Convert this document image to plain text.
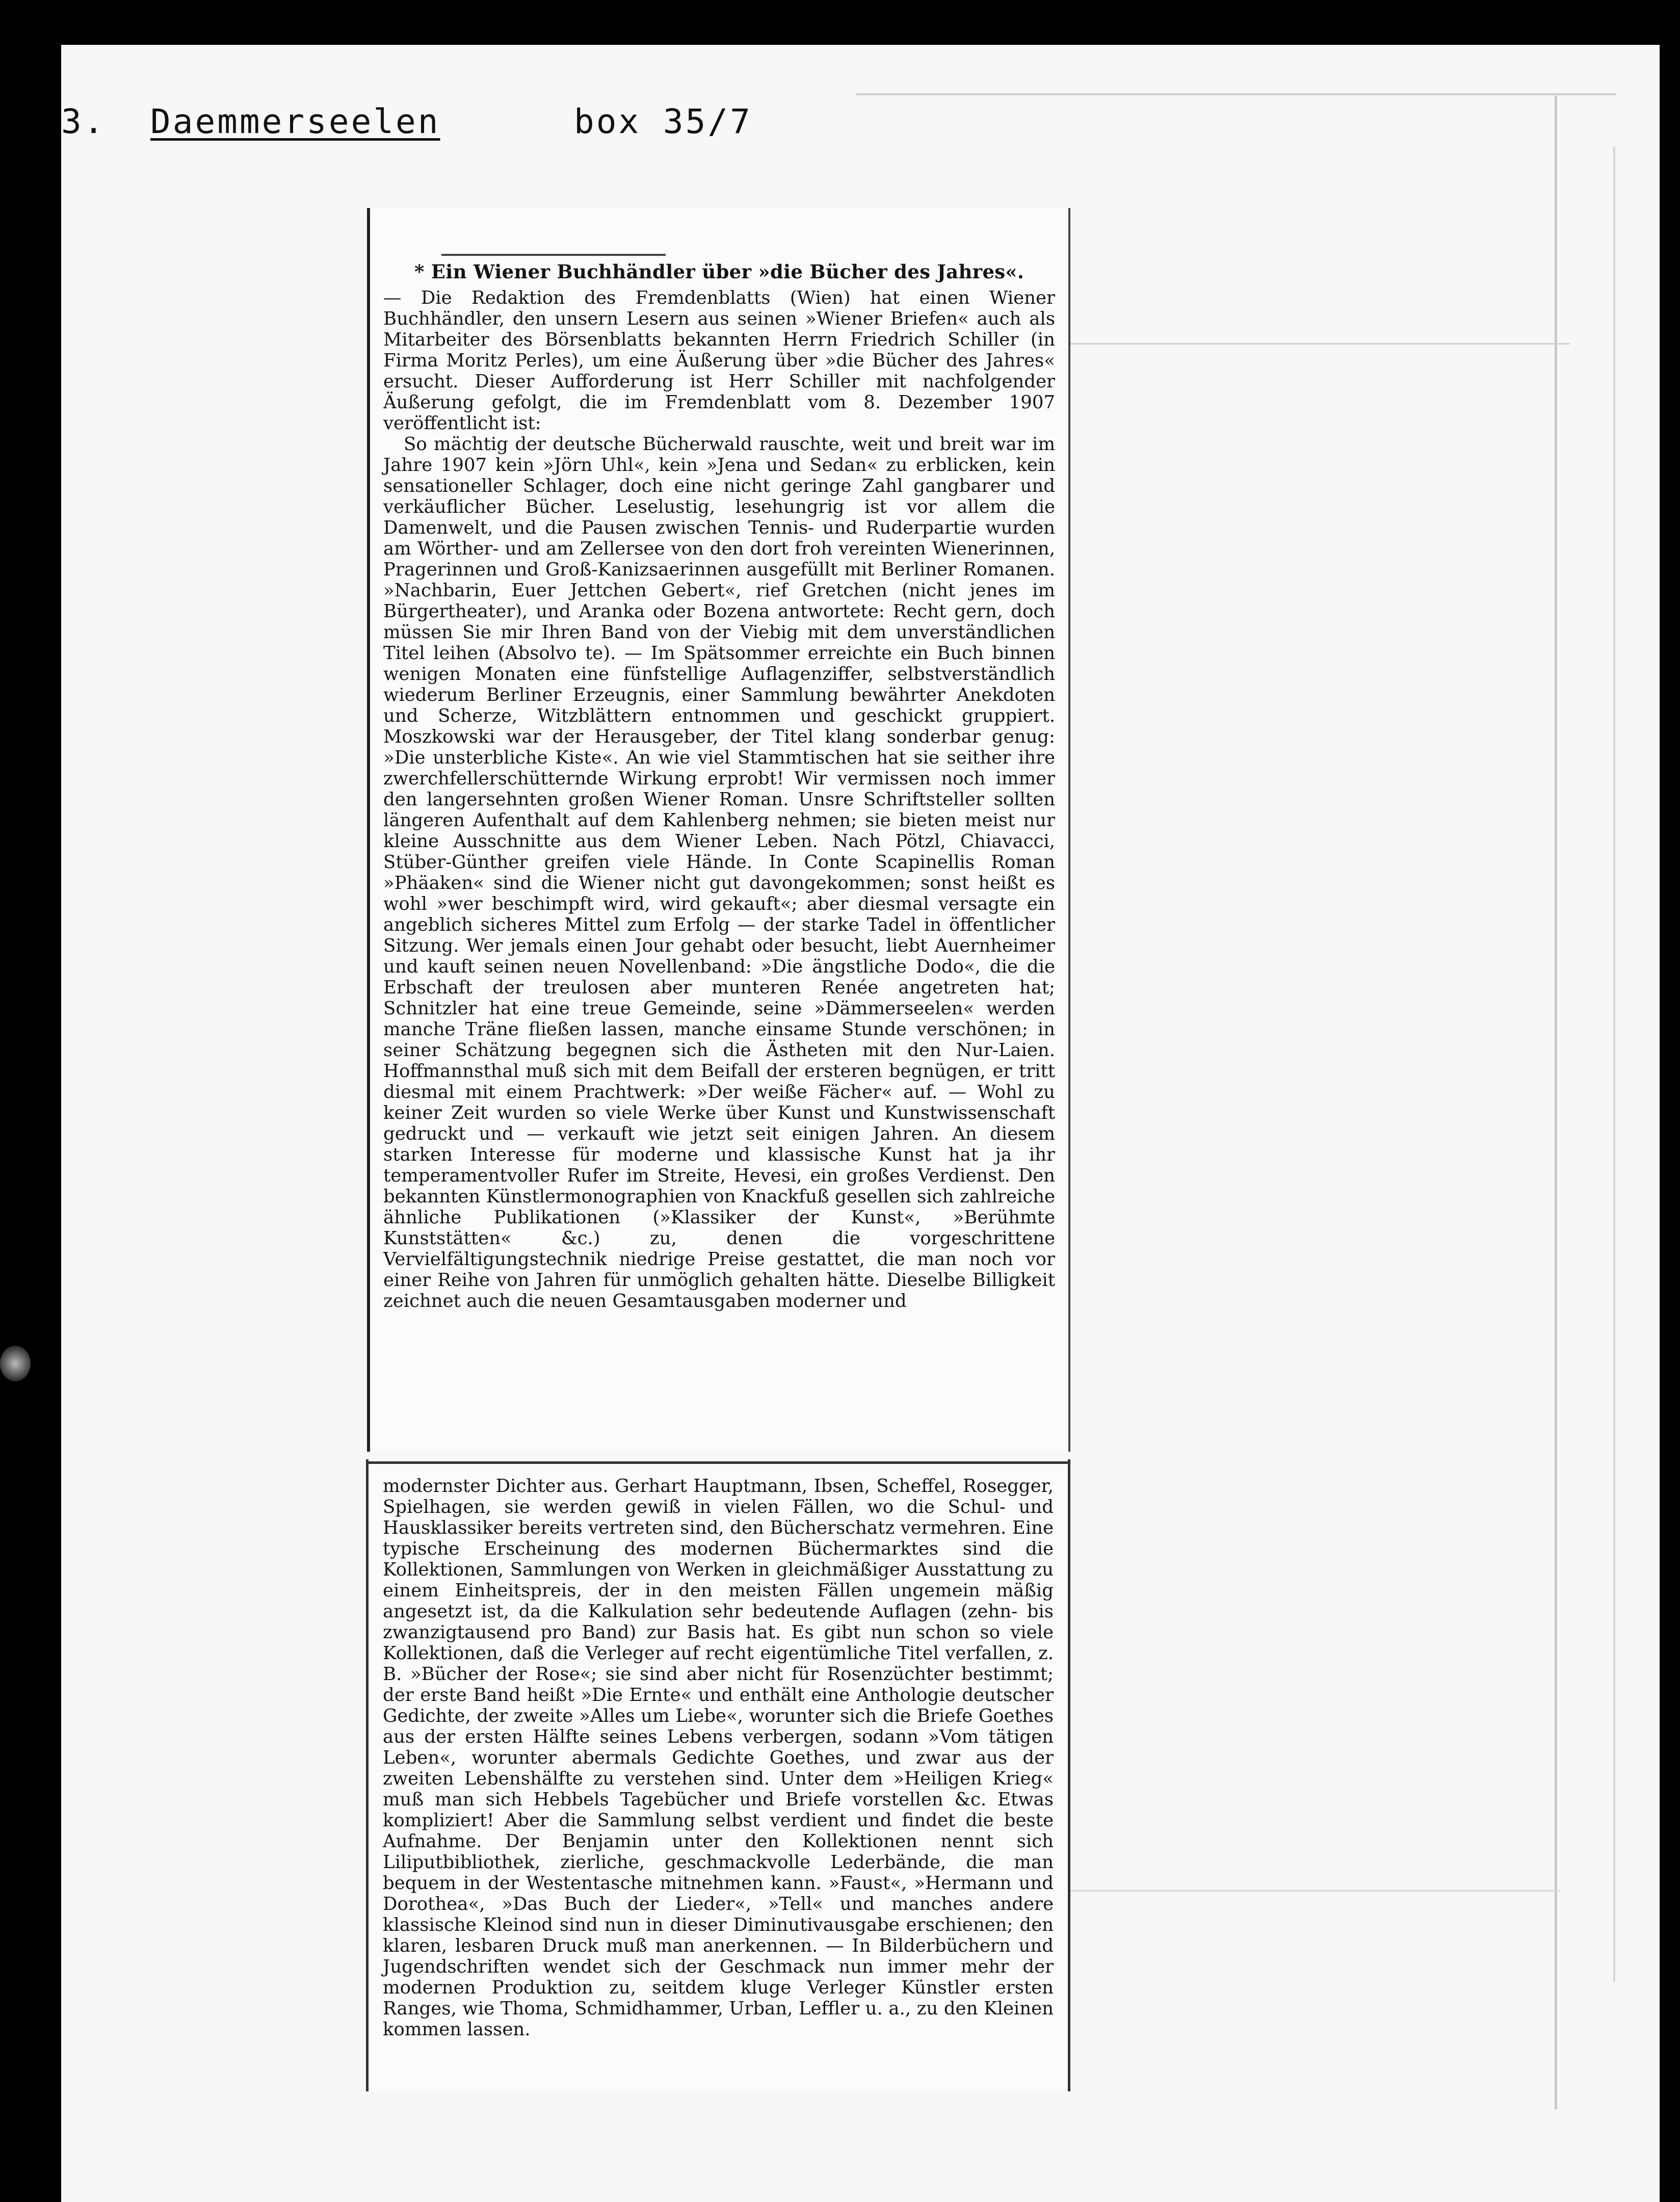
3. Daemmerseelen	box 35/7

* Ein Wiener Buchhändler über »die Bücher des Jahres«.

— Die Redaktion des Fremdenblatts (Wien) hat einen Wiener Buchhändler, den unsern Lesern aus seinen »Wiener Briefen« auch als Mitarbeiter des Börsenblatts bekannten Herrn Friedrich Schiller (in Firma Moritz Perles), um eine Äußerung über »die Bücher des Jahres« ersucht. Dieser Aufforderung ist Herr Schiller mit nachfolgender Äußerung gefolgt, die im Fremdenblatt vom 8. Dezember 1907 veröffentlicht ist:

So mächtig der deutsche Bücherwald rauschte, weit und breit war im Jahre 1907 kein »Jörn Uhl«, kein »Jena und Sedan« zu erblicken, kein sensationeller Schlager, doch eine nicht geringe Zahl gangbarer und verkäuflicher Bücher. Leselustig, lesehungrig ist vor allem die Damenwelt, und die Pausen zwischen Tennis- und Ruderpartie wurden am Wörther- und am Zellersee von den dort froh vereinten Wienerinnen, Pragerinnen und Groß-Kanizsaerinnen ausgefüllt mit Berliner Romanen. »Nachbarin, Euer Jettchen Gebert«, rief Gretchen (nicht jenes im Bürgertheater), und Aranka oder Bozena antwortete: Recht gern, doch müssen Sie mir Ihren Band von der Viebig mit dem unverständlichen Titel leihen (Absolvo te). — Im Spätsommer erreichte ein Buch binnen wenigen Monaten eine fünfstellige Auflagenziffer, selbstverständlich wiederum Berliner Erzeugnis, einer Sammlung bewährter Anekdoten und Scherze, Witzblättern entnommen und geschickt gruppiert. Moszkowski war der Herausgeber, der Titel klang sonderbar genug: »Die unsterbliche Kiste«. An wie viel Stammtischen hat sie seither ihre zwerchfellerschütternde Wirkung erprobt! Wir vermissen noch immer den langersehnten großen Wiener Roman. Unsre Schriftsteller sollten längeren Aufenthalt auf dem Kahlenberg nehmen; sie bieten meist nur kleine Ausschnitte aus dem Wiener Leben. Nach Pötzl, Chiavacci, Stüber-Günther greifen viele Hände. In Conte Scapinellis Roman »Phäaken« sind die Wiener nicht gut davongekommen; sonst heißt es wohl »wer beschimpft wird, wird gekauft«; aber diesmal versagte ein angeblich sicheres Mittel zum Erfolg — der starke Tadel in öffentlicher Sitzung. Wer jemals einen Jour gehabt oder besucht, liebt Auernheimer und kauft seinen neuen Novellenband: »Die ängstliche Dodo«, die die Erbschaft der treulosen aber munteren Renée angetreten hat; Schnitzler hat eine treue Gemeinde, seine »Dämmerseelen« werden manche Träne fließen lassen, manche einsame Stunde verschönen; in seiner Schätzung begegnen sich die Ästheten mit den Nur-Laien. Hoffmannsthal muß sich mit dem Beifall der ersteren begnügen, er tritt diesmal mit einem Prachtwerk: »Der weiße Fächer« auf. — Wohl zu keiner Zeit wurden so viele Werke über Kunst und Kunstwissenschaft gedruckt und — verkauft wie jetzt seit einigen Jahren. An diesem starken Interesse für moderne und klassische Kunst hat ja ihr temperamentvoller Rufer im Streite, Hevesi, ein großes Verdienst. Den bekannten Künstlermonographien von Knackfuß gesellen sich zahlreiche ähnliche Publikationen (»Klassiker der Kunst«, »Berühmte Kunststätten« &c.) zu, denen die vorgeschrittene Vervielfältigungstechnik niedrige Preise gestattet, die man noch vor einer Reihe von Jahren für unmöglich gehalten hätte. Dieselbe Billigkeit zeichnet auch die neuen Gesamtausgaben moderner und

modernster Dichter aus. Gerhart Hauptmann, Ibsen, Scheffel, Rosegger, Spielhagen, sie werden gewiß in vielen Fällen, wo die Schul- und Hausklassiker bereits vertreten sind, den Bücherschatz vermehren. Eine typische Erscheinung des modernen Büchermarktes sind die Kollektionen, Sammlungen von Werken in gleichmäßiger Ausstattung zu einem Einheitspreis, der in den meisten Fällen ungemein mäßig angesetzt ist, da die Kalkulation sehr bedeutende Auflagen (zehn- bis zwanzigtausend pro Band) zur Basis hat. Es gibt nun schon so viele Kollektionen, daß die Verleger auf recht eigentümliche Titel verfallen, z. B. »Bücher der Rose«; sie sind aber nicht für Rosenzüchter bestimmt; der erste Band heißt »Die Ernte« und enthält eine Anthologie deutscher Gedichte, der zweite »Alles um Liebe«, worunter sich die Briefe Goethes aus der ersten Hälfte seines Lebens verbergen, sodann »Vom tätigen Leben«, worunter abermals Gedichte Goethes, und zwar aus der zweiten Lebenshälfte zu verstehen sind. Unter dem »Heiligen Krieg« muß man sich Hebbels Tagebücher und Briefe vorstellen &c. Etwas kompliziert! Aber die Sammlung selbst verdient und findet die beste Aufnahme. Der Benjamin unter den Kollektionen nennt sich Liliputbibliothek, zierliche, geschmackvolle Lederbände, die man bequem in der Westentasche mitnehmen kann. »Faust«, »Hermann und Dorothea«, »Das Buch der Lieder«, »Tell« und manches andere klassische Kleinod sind nun in dieser Diminutivausgabe erschienen; den klaren, lesbaren Druck muß man anerkennen. — In Bilderbüchern und Jugendschriften wendet sich der Geschmack nun immer mehr der modernen Produktion zu, seitdem kluge Verleger Künstler ersten Ranges, wie Thoma, Schmidhammer, Urban, Leffler u. a., zu den Kleinen kommen lassen.
